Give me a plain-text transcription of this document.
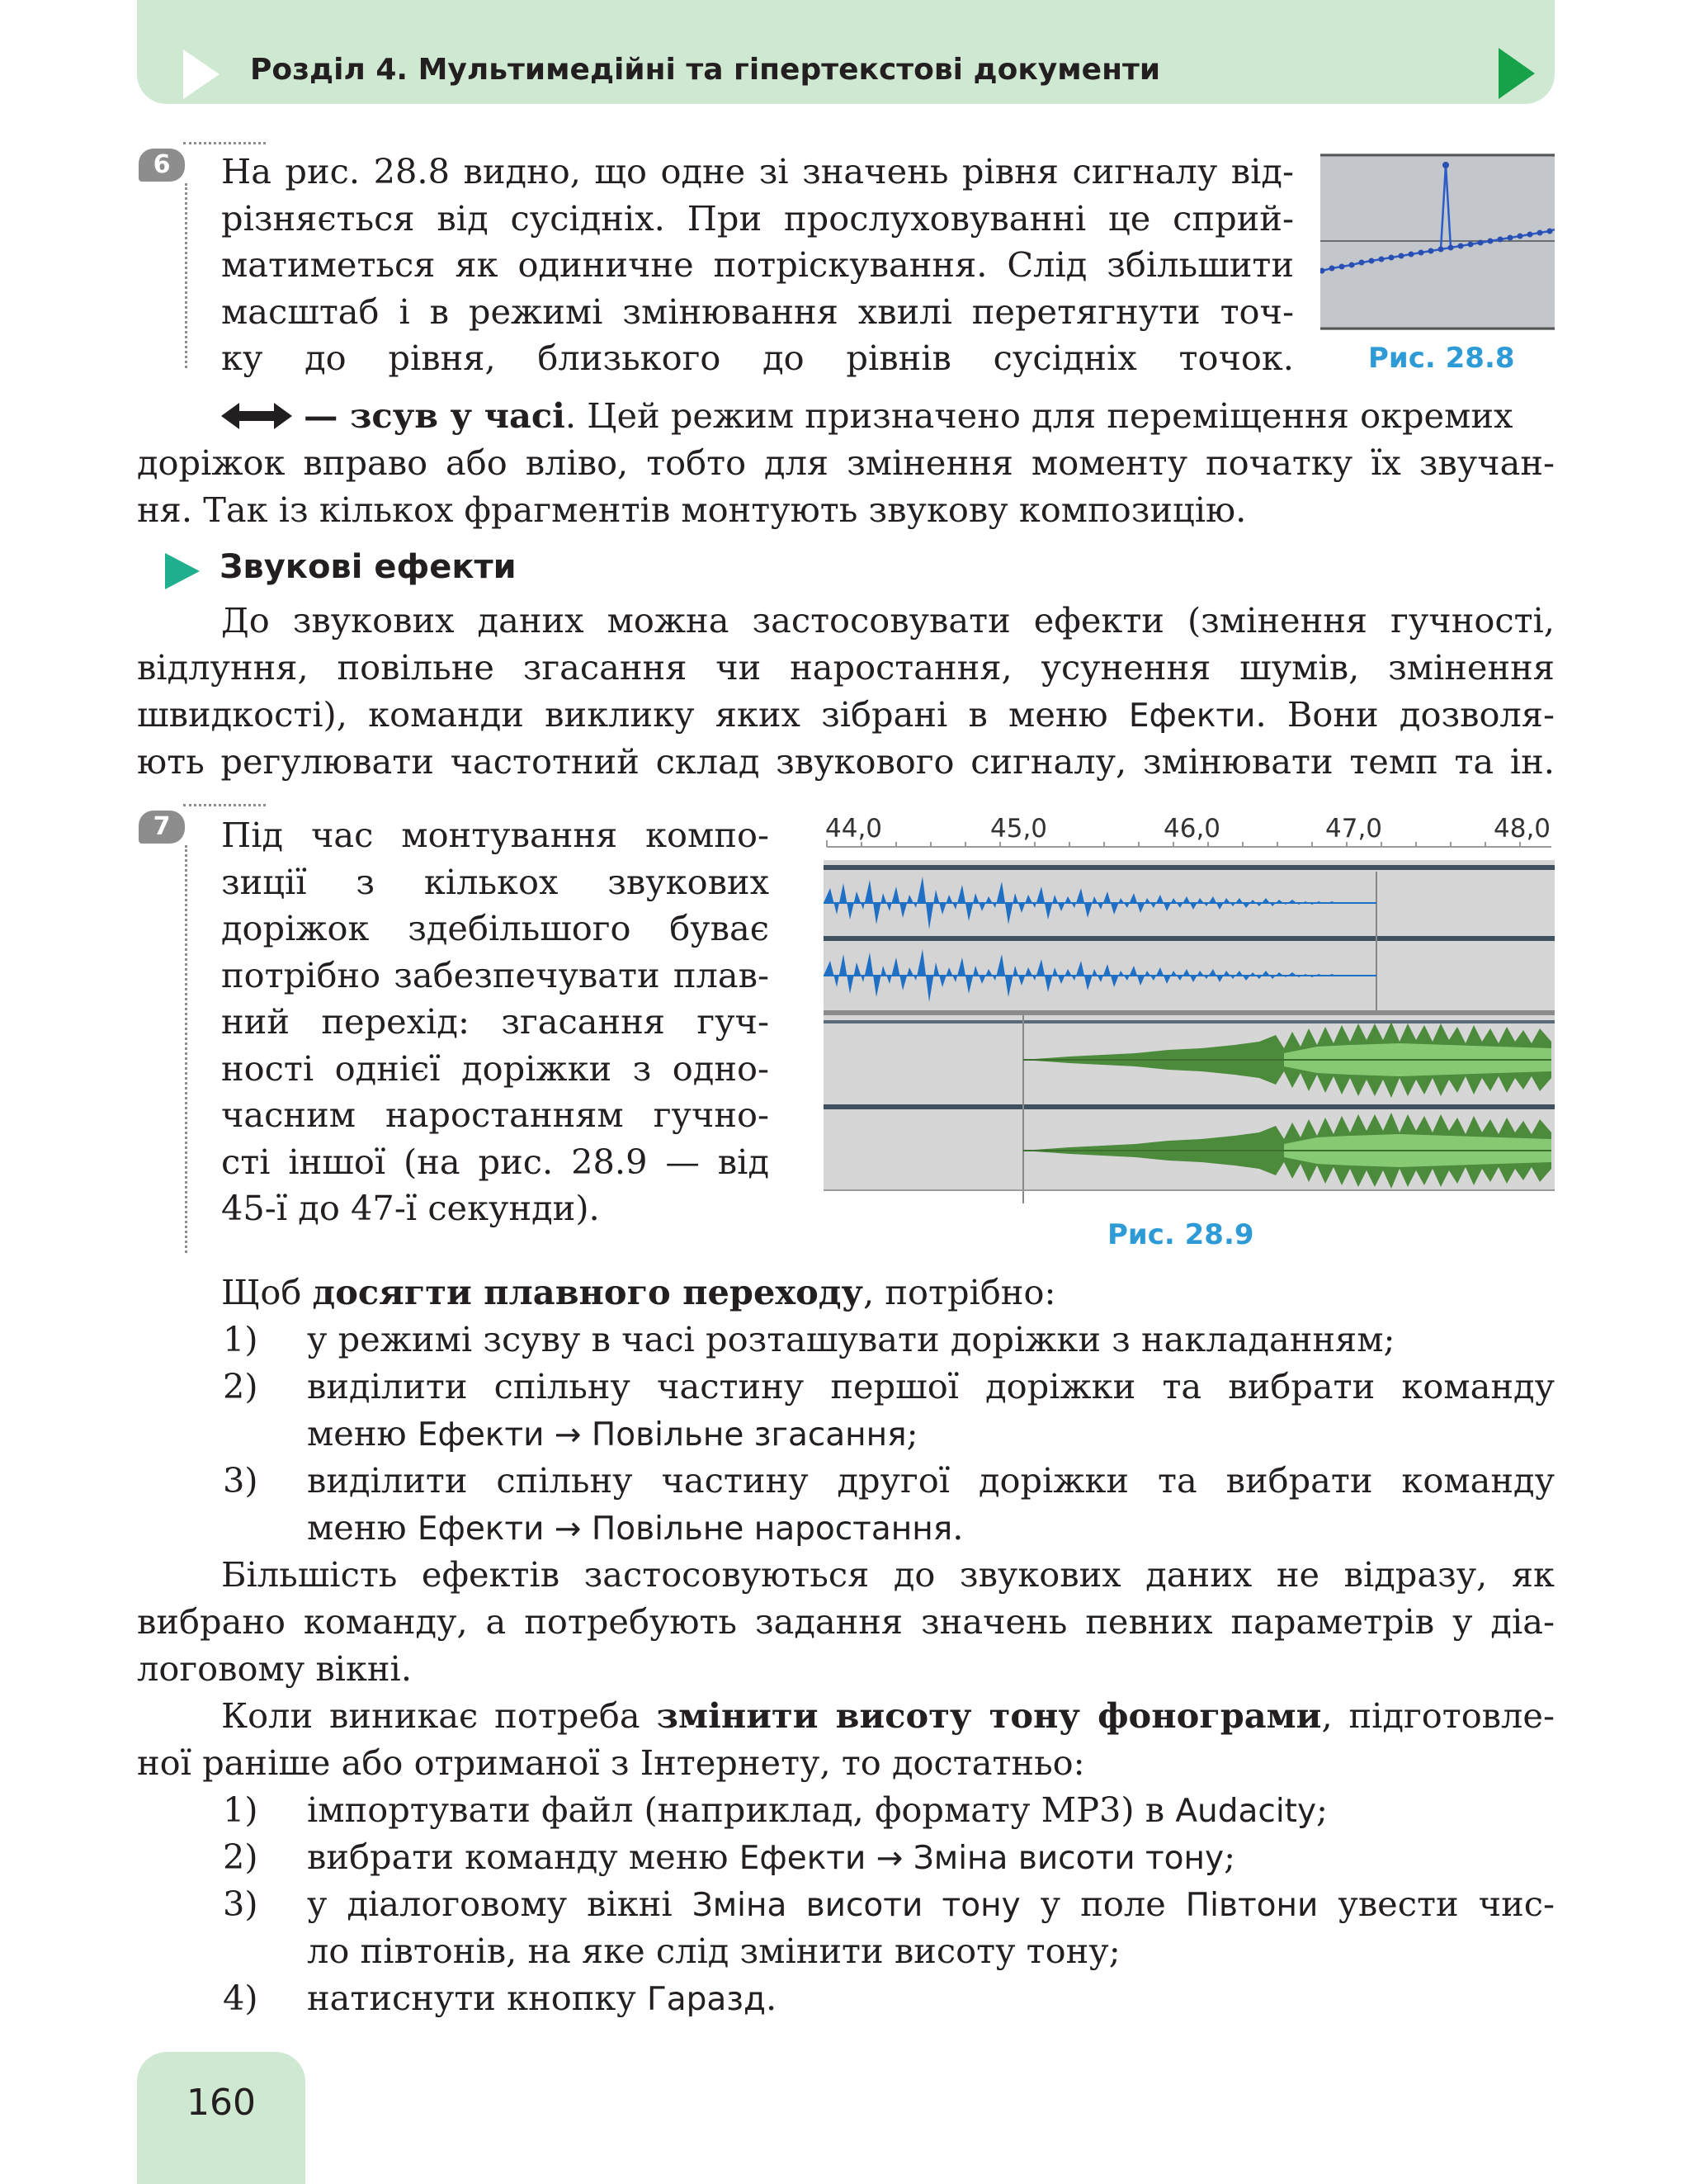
Розділ 4. Мультимедійні та гіпертекстові документи
6	На рис. 28.8 видно, що одне зі значень рівня сигналу від-
різняється від сусідніх. При прослуховуванні це сприй-
матиметься як одиничне потріскування. Слід збільшити
масштаб і в режимі змінювання хвилі перетягнути точ-
ку до рівня, близького до рівнів сусідніх точок.	Рис. 28.8
— зсув у часі. Цей режим призначено для переміщення окремих
доріжок вправо або вліво, тобто для змінення моменту початку їх звучан-
ня. Так із кількох фрагментів монтують звукову композицію.
Звукові ефекти
До звукових даних можна застосовувати ефекти (змінення гучності,
відлуння, повільне згасання чи наростання, усунення шумів, змінення
швидкості), команди виклику яких зібрані в меню Ефекти. Вони дозволя-
ють регулювати частотний склад звукового сигналу, змінювати темп та ін.
7	Під час монтування компо-
зиції з кількох звукових
доріжок здебільшого буває
потрібно забезпечувати плав-
ний перехід: згасання гуч-
ності однієї доріжки з одно-
часним наростанням гучно-
сті іншої (на рис. 28.9 — від
45-ї до 47-ї секунди).
44,0	45,0	46,0	47,0	48,0
Рис. 28.9
Щоб досягти плавного переходу, потрібно:
1) у режимі зсуву в часі розташувати доріжки з накладанням;
2) виділити спільну частину першої доріжки та вибрати команду
меню Ефекти → Повільне згасання;
3) виділити спільну частину другої доріжки та вибрати команду
меню Ефекти → Повільне наростання.
Більшість ефектів застосовуються до звукових даних не відразу, як
вибрано команду, а потребують задання значень певних параметрів у діа-
логовому вікні.
Коли виникає потреба змінити висоту тону фонограми, підготовле-
ної раніше або отриманої з Інтернету, то достатньо:
1) імпортувати файл (наприклад, формату MP3) в Audacity;
2) вибрати команду меню Ефекти → Зміна висоти тону;
3) у діалоговому вікні Зміна висоти тону у поле Півтони увести чис-
ло півтонів, на яке слід змінити висоту тону;
4) натиснути кнопку Гаразд.
160
